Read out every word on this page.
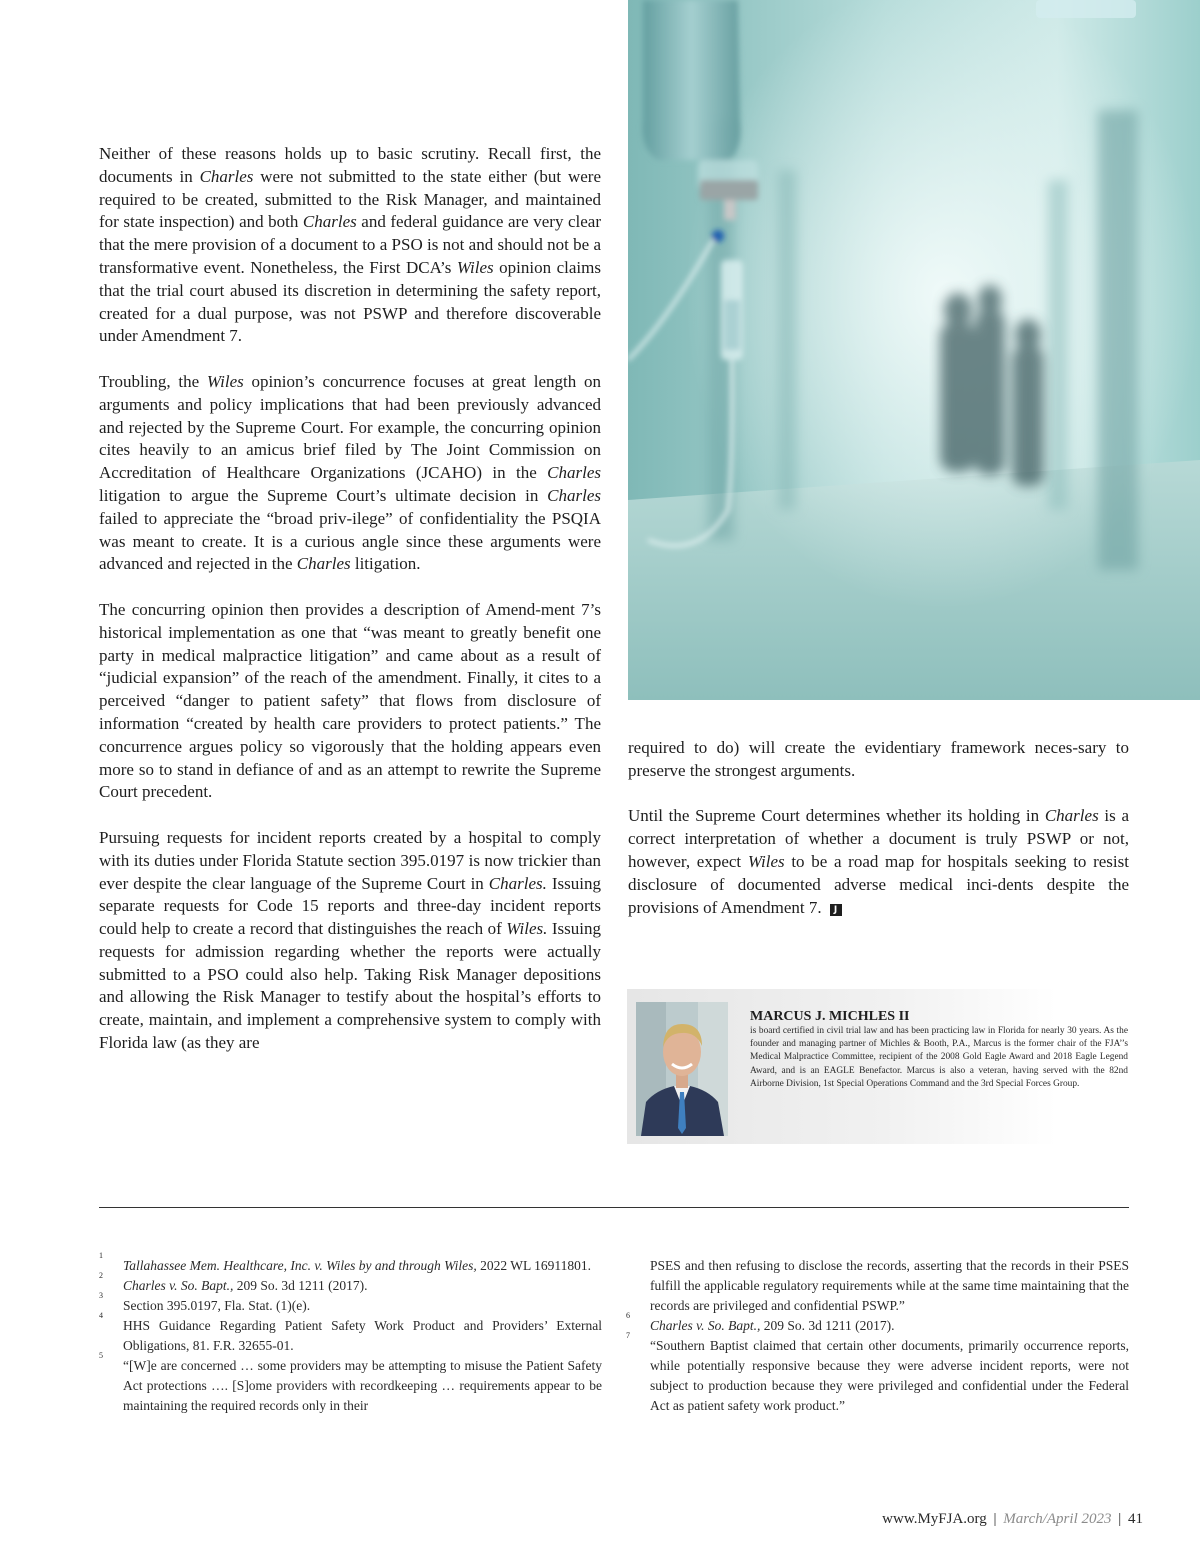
Neither of these reasons holds up to basic scrutiny. Recall first, the documents in Charles were not submitted to the state either (but were required to be created, submitted to the Risk Manager, and maintained for state inspection) and both Charles and federal guidance are very clear that the mere provision of a document to a PSO is not and should not be a transformative event. Nonetheless, the First DCA’s Wiles opinion claims that the trial court abused its discretion in determining the safety report, created for a dual purpose, was not PSWP and therefore discoverable under Amendment 7.

Troubling, the Wiles opinion’s concurrence focuses at great length on arguments and policy implications that had been previously advanced and rejected by the Supreme Court. For example, the concurring opinion cites heavily to an amicus brief filed by The Joint Commission on Accreditation of Healthcare Organizations (JCAHO) in the Charles litigation to argue the Supreme Court’s ultimate decision in Charles failed to appreciate the “broad priv-ilege” of confidentiality the PSQIA was meant to create. It is a curious angle since these arguments were advanced and rejected in the Charles litigation.

The concurring opinion then provides a description of Amend-ment 7’s historical implementation as one that “was meant to greatly benefit one party in medical malpractice litigation” and came about as a result of “judicial expansion” of the reach of the amendment. Finally, it cites to a perceived “danger to patient safety” that flows from disclosure of information “created by health care providers to protect patients.” The concurrence argues policy so vigorously that the holding appears even more so to stand in defiance of and as an attempt to rewrite the Supreme Court precedent.

Pursuing requests for incident reports created by a hospital to comply with its duties under Florida Statute section 395.0197 is now trickier than ever despite the clear language of the Supreme Court in Charles. Issuing separate requests for Code 15 reports and three-day incident reports could help to create a record that distinguishes the reach of Wiles. Issuing requests for admission regarding whether the reports were actually submitted to a PSO could also help. Taking Risk Manager depositions and allowing the Risk Manager to testify about the hospital’s efforts to create, maintain, and implement a comprehensive system to comply with Florida law (as they are

required to do) will create the evidentiary framework neces-sary to preserve the strongest arguments.

Until the Supreme Court determines whether its holding in Charles is a correct interpretation of whether a document is truly PSWP or not, however, expect Wiles to be a road map for hospitals seeking to resist disclosure of documented adverse medical inci-dents despite the provisions of Amendment 7. J

MARCUS J. MICHLES II
is board certified in civil trial law and has been practicing law in Florida for nearly 30 years. As the founder and managing partner of Michles & Booth, P.A., Marcus is the former chair of the FJA’’s Medical Malpractice Committee, recipient of the 2008 Gold Eagle Award and 2018 Eagle Legend Award, and is an EAGLE Benefactor. Marcus is also a veteran, having served with the 82nd Airborne Division, 1st Special Operations Command and the 3rd Special Forces Group.
1
Tallahassee Mem. Healthcare, Inc. v. Wiles by and through Wiles, 2022 WL 16911801.
2
Charles v. So. Bapt., 209 So. 3d 1211 (2017).
3
Section 395.0197, Fla. Stat. (1)(e).
4
HHS Guidance Regarding Patient Safety Work Product and Providers’ External Obligations, 81. F.R. 32655-01.
5
“[W]e are concerned … some providers may be attempting to misuse the Patient Safety Act protections …. [S]ome providers with recordkeeping … requirements appear to be maintaining the required records only in their
PSES and then refusing to disclose the records, asserting that the records in their PSES fulfill the applicable regulatory requirements while at the same time maintaining that the records are privileged and confidential PSWP.”
6
Charles v. So. Bapt., 209 So. 3d 1211 (2017).
7
“Southern Baptist claimed that certain other documents, primarily occurrence reports, while potentially responsive because they were adverse incident reports, were not subject to production because they were privileged and confidential under the Federal Act as patient safety work product.”
www.MyFJA.org | March/April 2023 | 41
